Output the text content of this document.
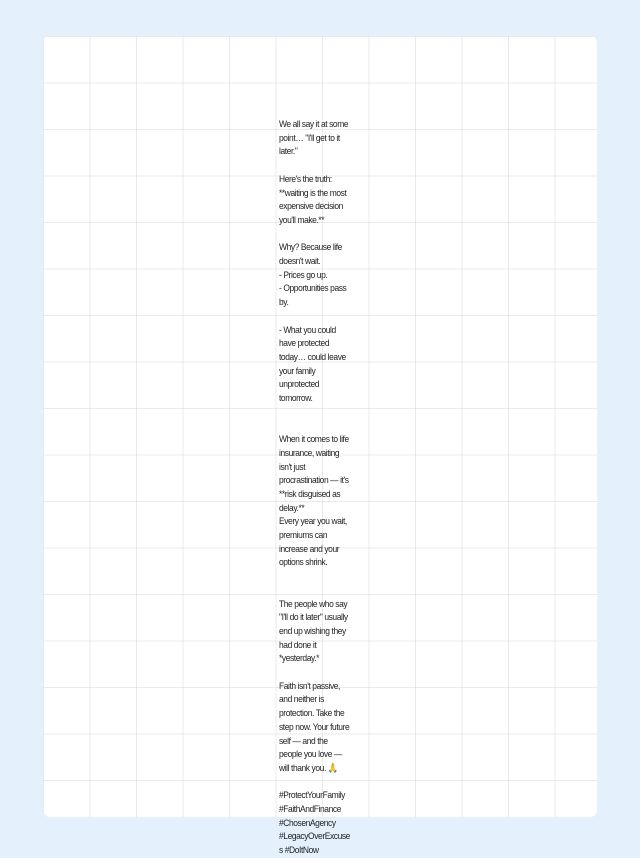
We all say it at some point… "I'll get to it later."

Here's the truth: **waiting is the most expensive decision you'll make.**

Why? Because life doesn't wait.

- Prices go up.

- Opportunities pass by.

- What you could have protected today… could leave your family unprotected tomorrow.

When it comes to life insurance, waiting isn't just procrastination — it's **risk disguised as delay.**

Every year you wait, premiums can increase and your options shrink.

The people who say "I'll do it later" usually end up wishing they had done it *yesterday.*

Faith isn't passive, and neither is protection. Take the step now. Your future self — and the people you love — will thank you. 🙏

#ProtectYourFamily #FaithAndFinance #ChosenAgency #LegacyOverExcuses #DoItNow
